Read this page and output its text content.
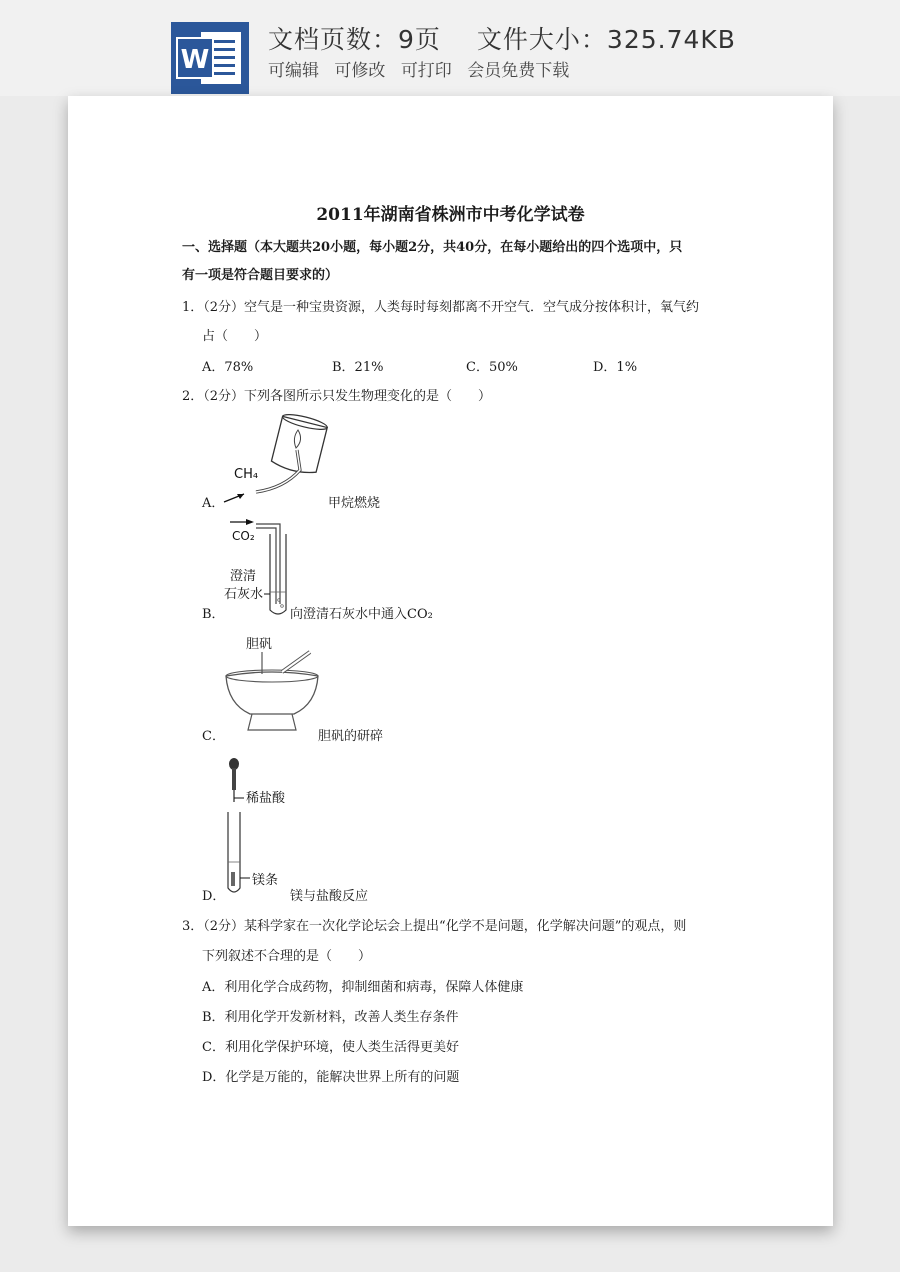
W
文档页数：9页 文件大小：325.74KB
可编辑 可修改 可打印 会员免费下载
2011年湖南省株洲市中考化学试卷
一、选择题（本大题共20小题，每小题2分，共40分，在每小题给出的四个选项中，只
有一项是符合题目要求的）
1．（2分）空气是一种宝贵资源，人类每时每刻都离不开空气．空气成分按体积计，氧气约
占（　　）
A．78%	B．21%	C．50%	D．1%
2．（2分）下列各图所示只发生物理变化的是（　　）
CH₄
A．	甲烷燃烧
CO₂
澄清
石灰水
B．	向澄清石灰水中通入CO₂
胆矾
C．	胆矾的研碎
稀盐酸
镁条
D．	镁与盐酸反应
3．（2分）某科学家在一次化学论坛会上提出“化学不是问题，化学解决问题”的观点，则
下列叙述不合理的是（　　）
A．利用化学合成药物，抑制细菌和病毒，保障人体健康
B．利用化学开发新材料，改善人类生存条件
C．利用化学保护环境，使人类生活得更美好
D．化学是万能的，能解决世界上所有的问题
